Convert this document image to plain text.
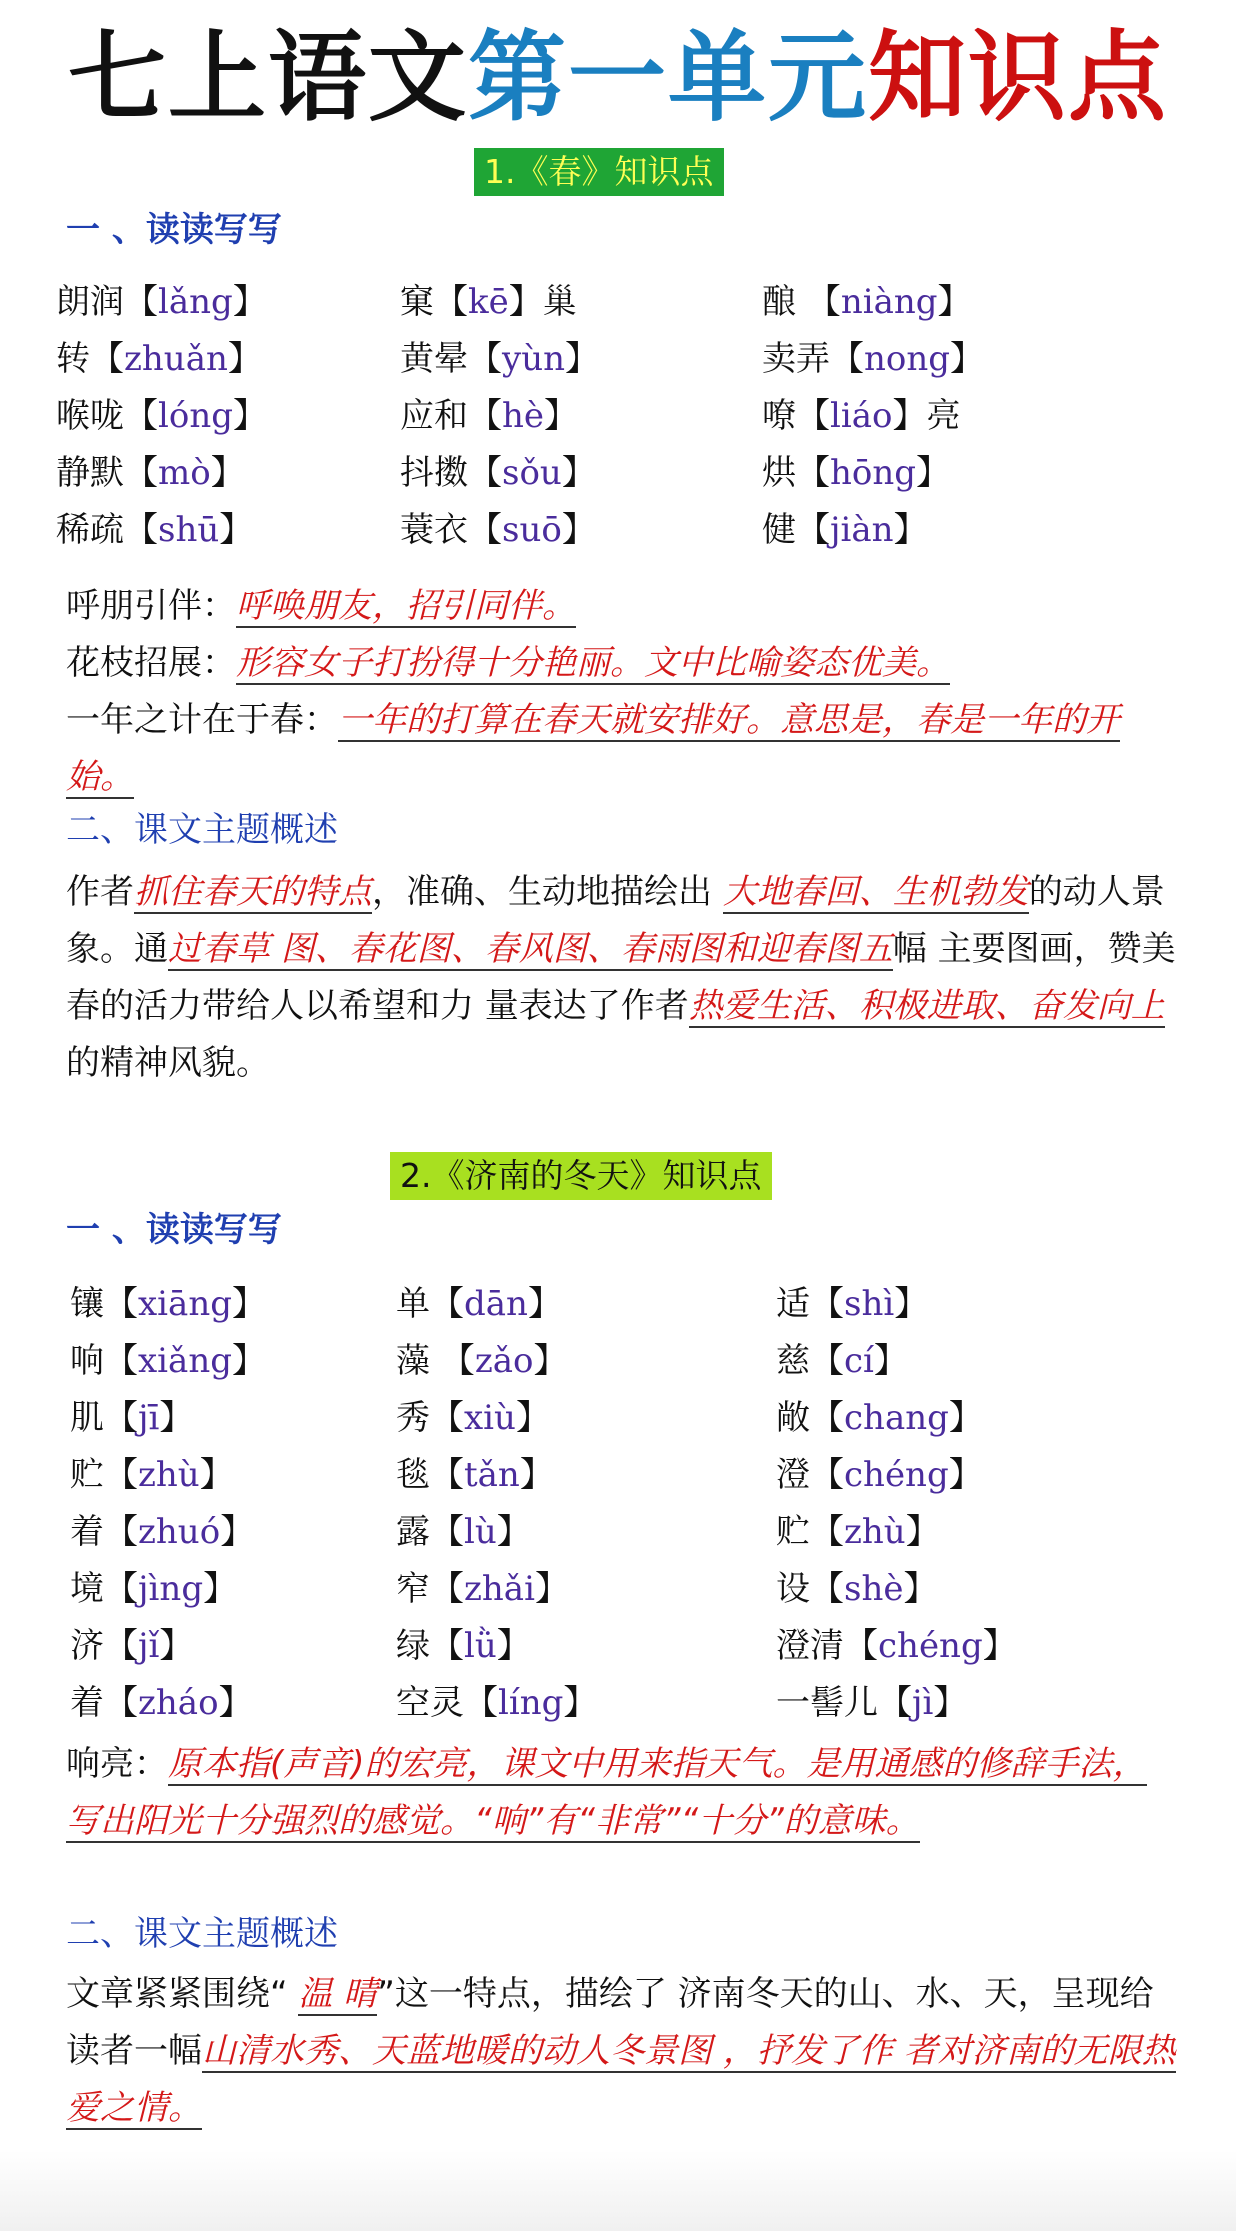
七上语文第一单元知识点
1.《春》知识点
一 、读读写写
朗润【lǎng】	窠【kē】巢	酿 【niàng】
转【zhuǎn】	黄晕【yùn】	卖弄【nong】
喉咙【lóng】	应和【hè】	嘹【liáo】亮
静默【mò】	抖擞【sǒu】	烘【hōng】
稀疏【shū】	蓑衣【suō】	健【jiàn】
呼朋引伴：呼唤朋友，招引同伴。
花枝招展：形容女子打扮得十分艳丽。文中比喻姿态优美。
一年之计在于春：一年的打算在春天就安排好。意思是，春是一年的开始。
二、课文主题概述
作者抓住春天的特点，准确、生动地描绘出 大地春回、生机勃发的动人景象。通过春草 图、春花图、春风图、春雨图和迎春图五幅 主要图画，赞美春的活力带给人以希望和力 量表达了作者热爱生活、积极进取、奋发向上的精神风貌。
2.《济南的冬天》知识点
一 、读读写写
镶【xiāng】	单【dān】	适【shì】
响【xiǎng】	藻 【zǎo】	慈【cí】
肌【jī】	秀【xiù】	敞【chang】
贮【zhù】	毯【tǎn】	澄【chéng】
着【zhuó】	露【lù】	贮【zhù】
境【jìng】	窄【zhǎi】	设【shè】
济【jǐ】	绿【lǜ】	澄清【chéng】
着【zháo】	空灵【líng】	一髻儿【jì】
响亮：原本指(声音)的宏亮，课文中用来指天气。是用通感的修辞手法，写出阳光十分强烈的感觉。“响”有“非常”“十分”的意味。
二、课文主题概述
文章紧紧围绕“ 温 晴”这一特点，描绘了 济南冬天的山、水、天，呈现给读者一幅山清水秀、天蓝地暖的动人冬景图 ，抒发了作 者对济南的无限热爱之情。
